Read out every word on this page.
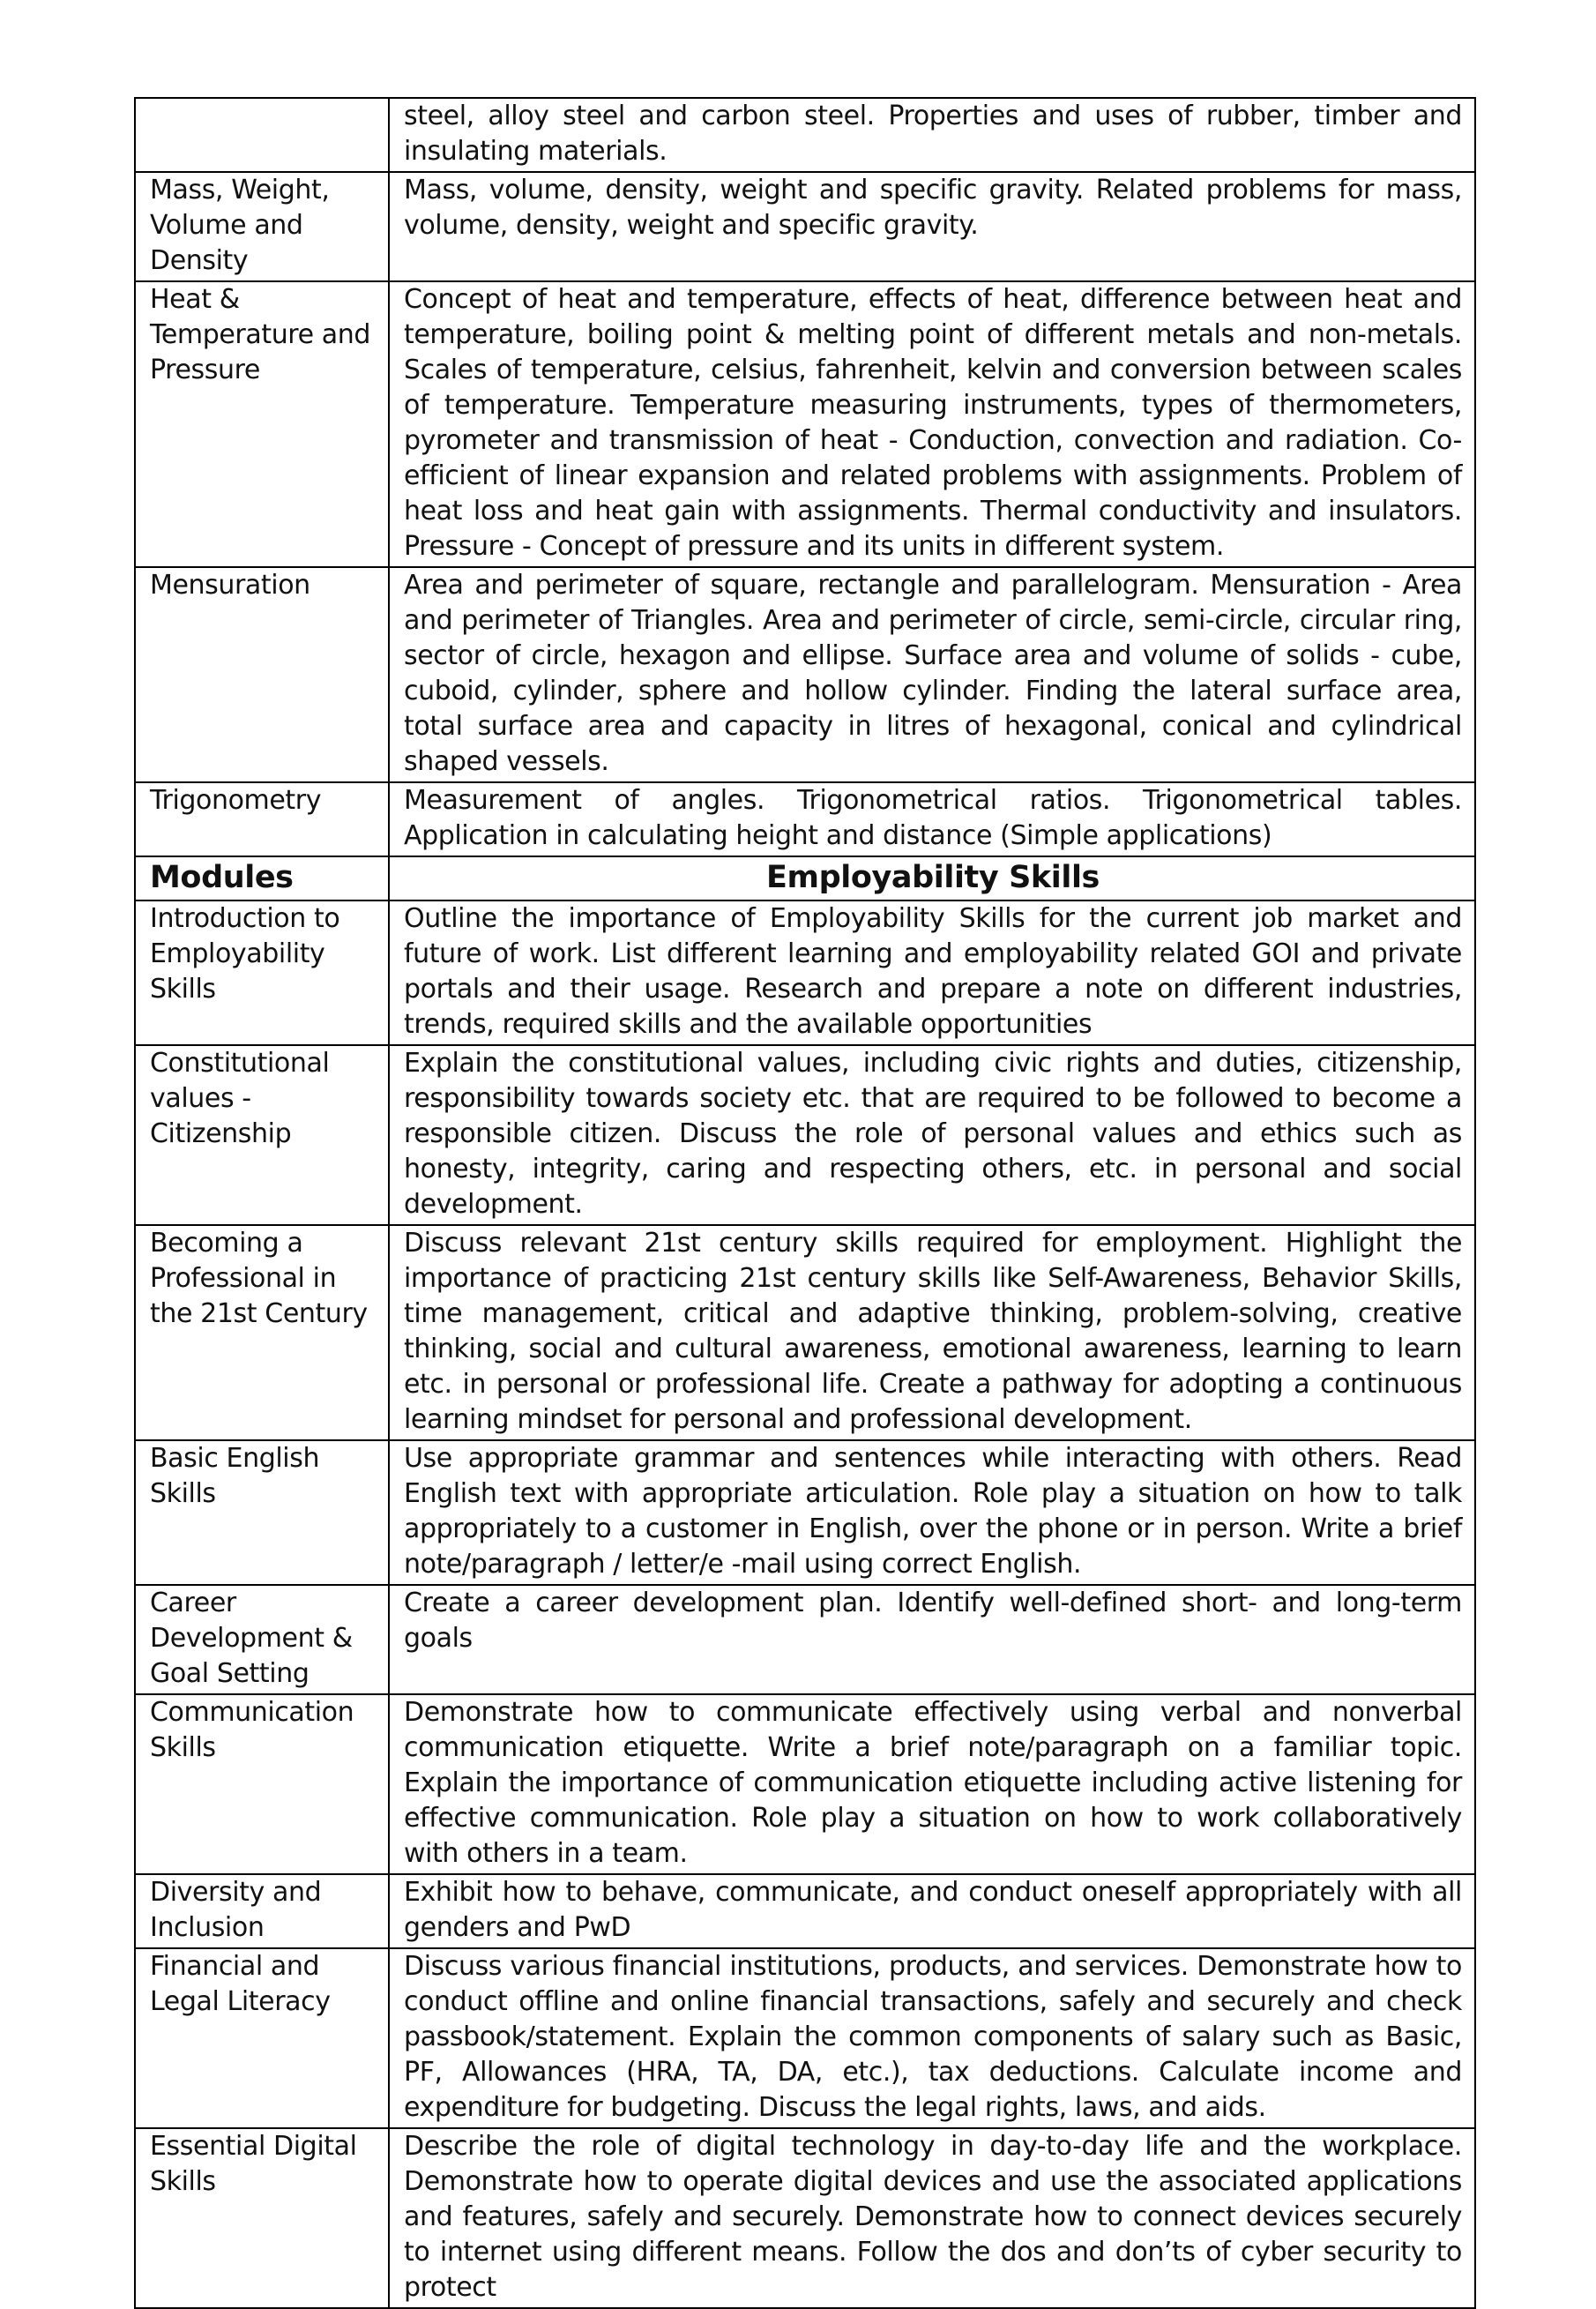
	steel, alloy steel and carbon steel. Properties and uses of rubber, timber and insulating materials.
Mass, Weight, Volume and Density	Mass, volume, density, weight and specific gravity. Related problems for mass, volume, density, weight and specific gravity.
Heat & Temperature and Pressure	Concept of heat and temperature, effects of heat, difference between heat and temperature, boiling point & melting point of different metals and non-metals. Scales of temperature, celsius, fahrenheit, kelvin and conversion between scales of temperature. Temperature measuring instruments, types of thermometers, pyrometer and transmission of heat - Conduction, convection and radiation. Co-efficient of linear expansion and related problems with assignments. Problem of heat loss and heat gain with assignments. Thermal conductivity and insulators. Pressure - Concept of pressure and its units in different system.
Mensuration	Area and perimeter of square, rectangle and parallelogram. Mensuration - Area and perimeter of Triangles. Area and perimeter of circle, semi-circle, circular ring, sector of circle, hexagon and ellipse. Surface area and volume of solids - cube, cuboid, cylinder, sphere and hollow cylinder. Finding the lateral surface area, total surface area and capacity in litres of hexagonal, conical and cylindrical shaped vessels.
Trigonometry	Measurement of angles. Trigonometrical ratios. Trigonometrical tables. Application in calculating height and distance (Simple applications)
Modules	Employability Skills
Introduction to Employability Skills	Outline the importance of Employability Skills for the current job market and future of work. List different learning and employability related GOI and private portals and their usage. Research and prepare a note on different industries, trends, required skills and the available opportunities
Constitutional values - Citizenship	Explain the constitutional values, including civic rights and duties, citizenship, responsibility towards society etc. that are required to be followed to become a responsible citizen. Discuss the role of personal values and ethics such as honesty, integrity, caring and respecting others, etc. in personal and social development.
Becoming a Professional in the 21st Century	Discuss relevant 21st century skills required for employment. Highlight the importance of practicing 21st century skills like Self-Awareness, Behavior Skills, time management, critical and adaptive thinking, problem-solving, creative thinking, social and cultural awareness, emotional awareness, learning to learn etc. in personal or professional life. Create a pathway for adopting a continuous learning mindset for personal and professional development.
Basic English Skills	Use appropriate grammar and sentences while interacting with others. Read English text with appropriate articulation. Role play a situation on how to talk appropriately to a customer in English, over the phone or in person. Write a brief note/paragraph / letter/e -mail using correct English.
Career Development & Goal Setting	Create a career development plan. Identify well-defined short- and long-term goals
Communication Skills	Demonstrate how to communicate effectively using verbal and nonverbal communication etiquette. Write a brief note/paragraph on a familiar topic. Explain the importance of communication etiquette including active listening for effective communication. Role play a situation on how to work collaboratively with others in a team.
Diversity and Inclusion	Exhibit how to behave, communicate, and conduct oneself appropriately with all genders and PwD
Financial and Legal Literacy	Discuss various financial institutions, products, and services. Demonstrate how to conduct offline and online financial transactions, safely and securely and check passbook/statement. Explain the common components of salary such as Basic, PF, Allowances (HRA, TA, DA, etc.), tax deductions. Calculate income and expenditure for budgeting. Discuss the legal rights, laws, and aids.
Essential Digital Skills	Describe the role of digital technology in day-to-day life and the workplace. Demonstrate how to operate digital devices and use the associated applications and features, safely and securely. Demonstrate how to connect devices securely to internet using different means. Follow the dos and don’ts of cyber security to protect
